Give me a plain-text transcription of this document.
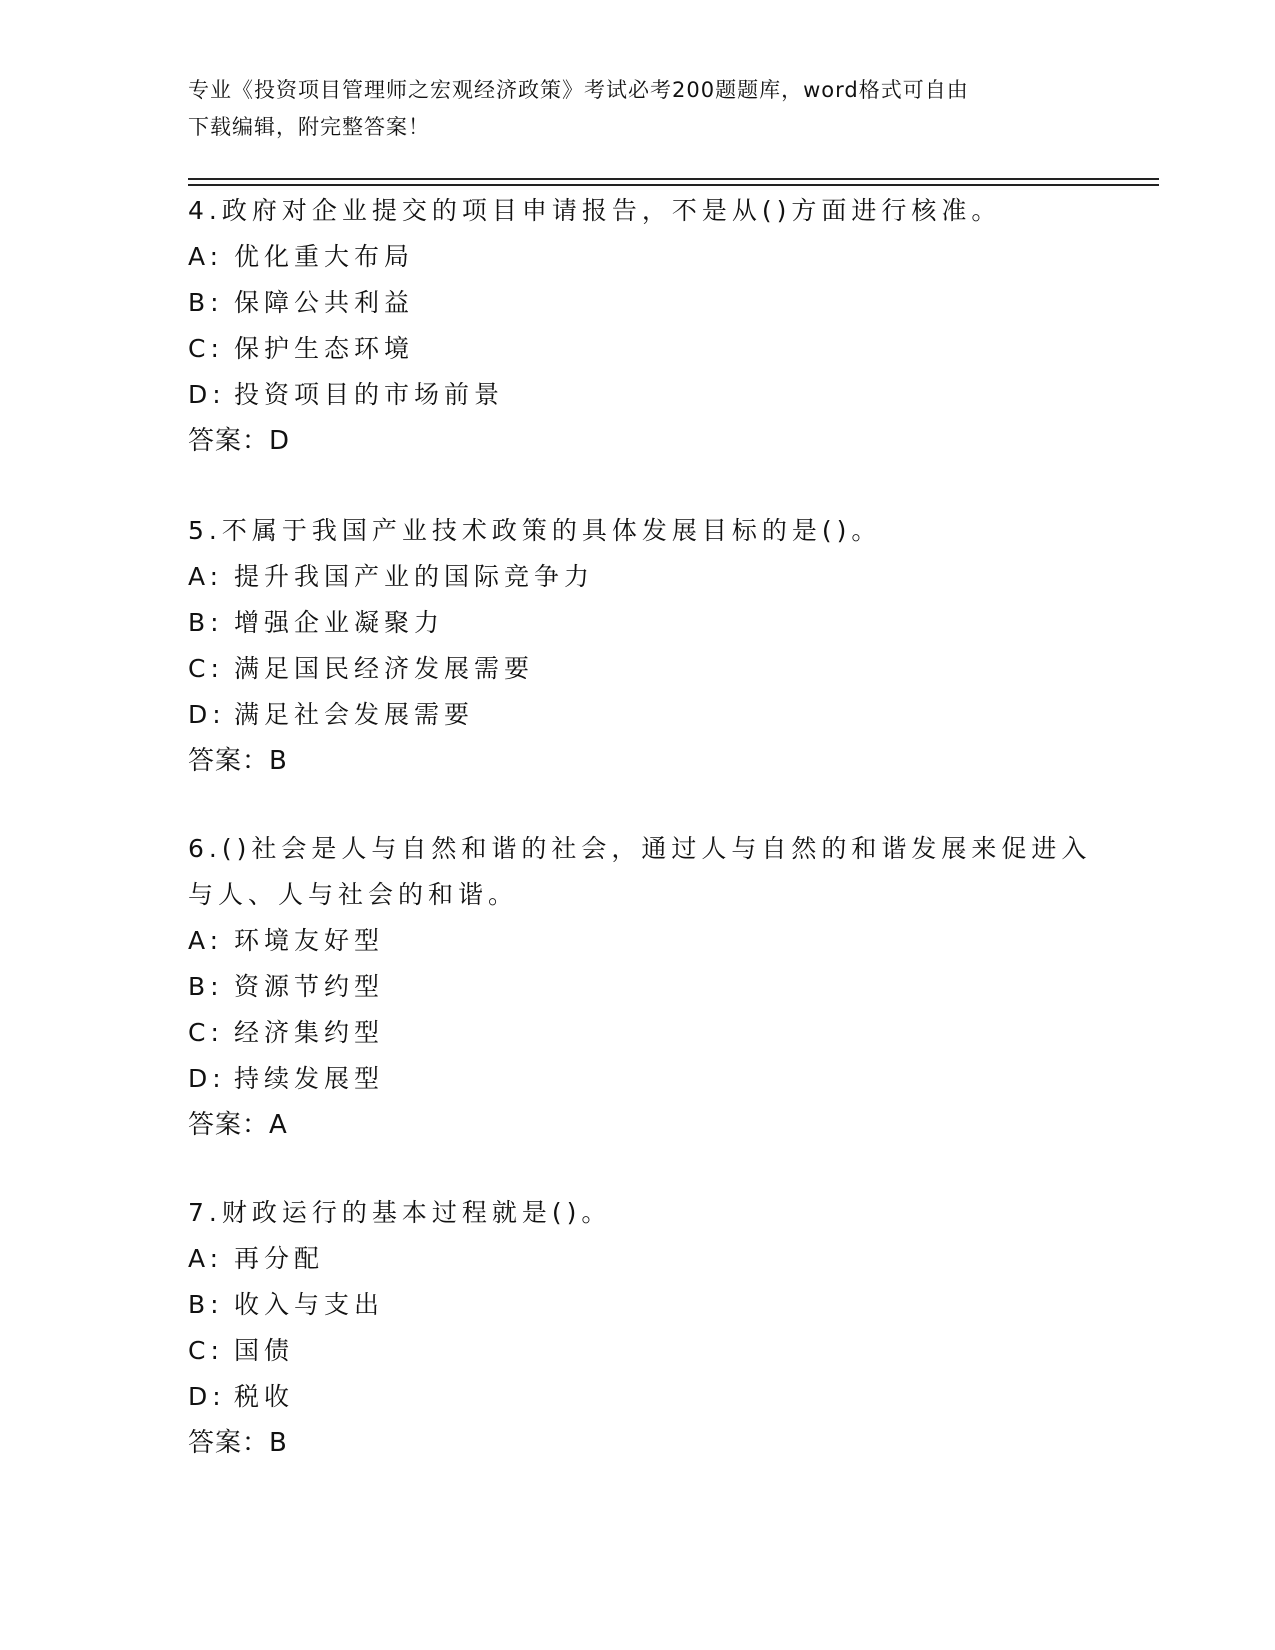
专业《投资项目管理师之宏观经济政策》考试必考200题题库，word格式可自由
下载编辑，附完整答案！
4.政府对企业提交的项目申请报告，不是从()方面进行核准。
A: 优化重大布局
B: 保障公共利益
C: 保护生态环境
D: 投资项目的市场前景
答案：D
5.不属于我国产业技术政策的具体发展目标的是()。
A: 提升我国产业的国际竞争力
B: 增强企业凝聚力
C: 满足国民经济发展需要
D: 满足社会发展需要
答案：B
6.()社会是人与自然和谐的社会，通过人与自然的和谐发展来促进入
与人、人与社会的和谐。
A: 环境友好型
B: 资源节约型
C: 经济集约型
D: 持续发展型
答案：A
7.财政运行的基本过程就是()。
A: 再分配
B: 收入与支出
C: 国债
D: 税收
答案：B
